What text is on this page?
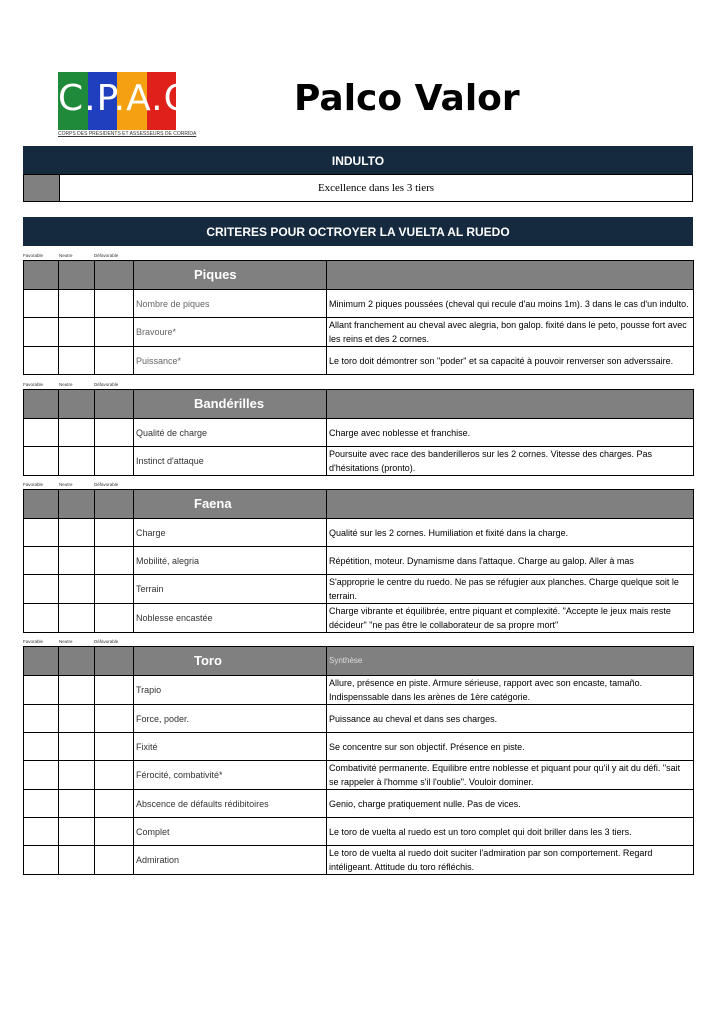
C.P.A.C.
CORPS DES PRÉSIDENTS ET ASSESSEURS DE CORRIDA
Palco Valor
INDULTO
Excellence dans les 3 tiers
CRITERES POUR OCTROYER LA VUELTA AL RUEDO
Favorable	Neutre	Défavorable
			Piques	
			Nombre de piques	Minimum 2 piques poussées (cheval qui recule d'au moins 1m). 3 dans le cas d'un indulto.
			Bravoure*	Allant franchement au cheval avec alegria, bon galop. fixité dans le peto, pousse fort avec les reins et des 2 cornes.
			Puissance*	Le toro doit démontrer son "poder" et sa capacité à pouvoir renverser son adverssaire.
Favorable	Neutre	Défavorable
			Bandérilles	
			Qualité de charge	Charge avec noblesse et franchise.
			Instinct d'attaque	Poursuite avec race des banderilleros sur les 2 cornes. Vitesse des charges. Pas d'hésitations (pronto).
Favorable	Neutre	Défavorable
			Faena	
			Charge	Qualité sur les 2 cornes. Humiliation et fixité dans la charge.
			Mobilité, alegria	Répétition, moteur. Dynamisme dans l'attaque. Charge au galop. Aller à mas
			Terrain	S'approprie le centre du ruedo. Ne pas se réfugier aux planches. Charge quelque soit le terrain.
			Noblesse encastée	Charge vibrante et équilibrée, entre piquant et complexité. "Accepte le jeux mais reste décideur" "ne pas être le collaborateur de sa propre mort"
Favorable	Neutre	Défavorable
			Toro	Synthèse
			Trapio	Allure, présence en piste. Armure sérieuse, rapport avec son encaste, tamaño. Indispenssable dans les arènes de 1ère catégorie.
			Force, poder.	Puissance au cheval et dans ses charges.
			Fixité	Se concentre sur son objectif. Présence en piste.
			Férocité, combativité*	Combativité permanente. Equilibre entre noblesse et piquant pour qu'il y ait du défi. "sait se rappeler à l'homme s'il l'oublie". Vouloir dominer.
			Abscence de défaults rédibitoires	Genio, charge pratiquement nulle. Pas de vices.
			Complet	Le toro de vuelta al ruedo est un toro complet qui doit briller dans les 3 tiers.
			Admiration	Le toro de vuelta al ruedo doit suciter l'admiration par son comportement. Regard intéligeant. Attitude du toro réfléchis.
